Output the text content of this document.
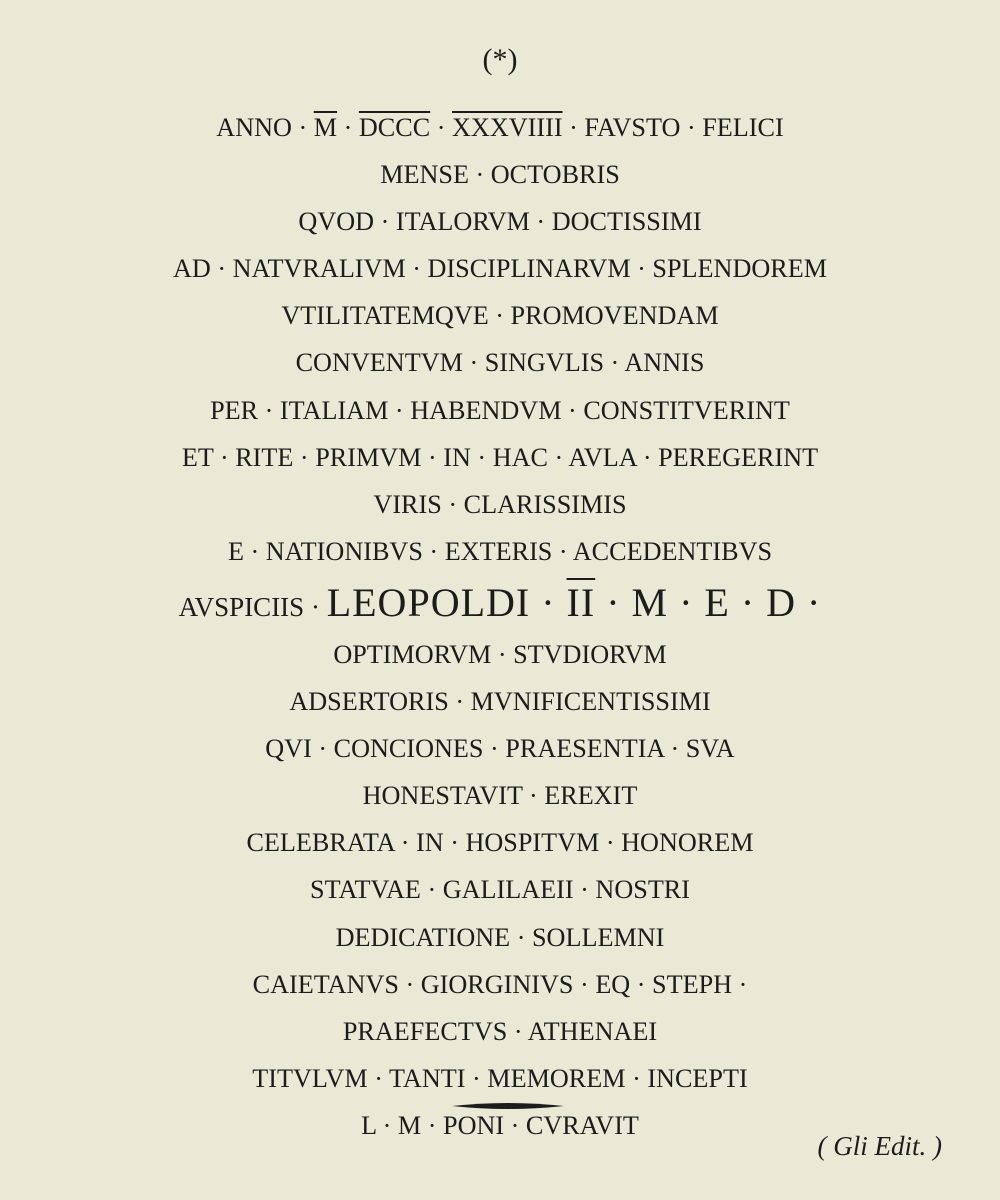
(*)
ANNO · $\overline{M}$ · DCCC · XXXVIIII · FAVSTO · FELICI
MENSE · OCTOBRIS
QVOD · ITALORVM · DOCTISSIMI
AD · NATVRALIVM · DISCIPLINARVM · SPLENDOREM
VTILITATEMQVE · PROMOVENDAM
CONVENTVM · SINGVLIS · ANNIS
PER · ITALIAM · HABENDVM · CONSTITVERINT
ET · RITE · PRIMVM · IN · HAC · AVLA · PEREGERINT
VIRIS · CLARISSIMIS
E · NATIONIBVS · EXTERIS · ACCEDENTIBVS
AVSPICIIS · LEOPOLDI · $\overline{II} \cdot M \cdot E \cdot D$ ·
OPTIMORVM · STVDIORVM
ADSERTORIS · MVNIFICENTISSIMI
QVI · CONCIONES · PRAESENTIA · SVA
HONESTAVIT · EREXIT
CELEBRATA · IN · HOSPITVM · HONOREM
STATVAE · GALILAEII · NOSTRI
DEDICATIONE · SOLLEMNI
CAIETANVS · GIORGINIVS · EQ · STEPH ·
PRAEFECTVS · ATHENAEI
TITVLVM · TANTI · MEMOREM · INCEPTI
L · M · PONI · CVRAVIT
( Gli Edit. )
